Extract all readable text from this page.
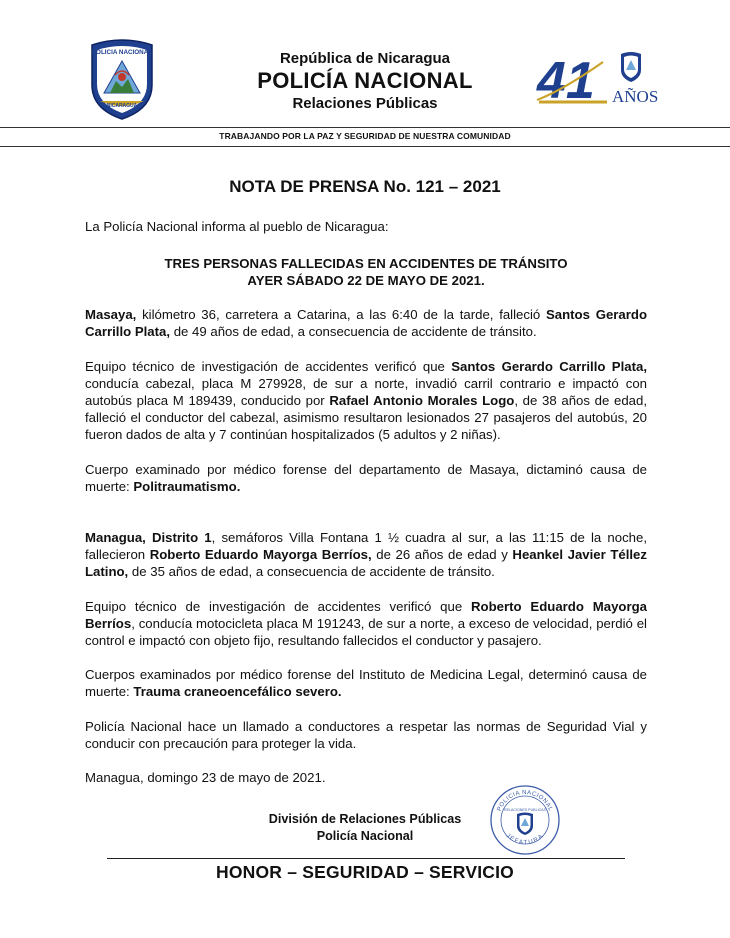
POLICIA NACIONAL
NICARAGUA
República de Nicaragua
POLICÍA NACIONAL
Relaciones Públicas	41 AÑOS
TRABAJANDO POR LA PAZ Y SEGURIDAD DE NUESTRA COMUNIDAD
NOTA DE PRENSA No. 121 – 2021

La Policía Nacional informa al pueblo de Nicaragua:

TRES PERSONAS FALLECIDAS EN ACCIDENTES DE TRÁNSITO
AYER SÁBADO 22 DE MAYO DE 2021.

Masaya, kilómetro 36, carretera a Catarina, a las 6:40 de la tarde, falleció Santos Gerardo Carrillo Plata, de 49 años de edad, a consecuencia de accidente de tránsito.

Equipo técnico de investigación de accidentes verificó que Santos Gerardo Carrillo Plata, conducía cabezal, placa M 279928, de sur a norte, invadió carril contrario e impactó con autobús placa M 189439, conducido por Rafael Antonio Morales Logo, de 38 años de edad, falleció el conductor del cabezal, asimismo resultaron lesionados 27 pasajeros del autobús, 20 fueron dados de alta y 7 continúan hospitalizados (5 adultos y 2 niñas).

Cuerpo examinado por médico forense del departamento de Masaya, dictaminó causa de muerte: Politraumatismo.

Managua, Distrito 1, semáforos Villa Fontana 1 ½ cuadra al sur, a las 11:15 de la noche, fallecieron Roberto Eduardo Mayorga Berríos, de 26 años de edad y Heankel Javier Téllez Latino, de 35 años de edad, a consecuencia de accidente de tránsito.

Equipo técnico de investigación de accidentes verificó que Roberto Eduardo Mayorga Berríos, conducía motocicleta placa M 191243, de sur a norte, a exceso de velocidad, perdió el control e impactó con objeto fijo, resultando fallecidos el conductor y pasajero.

Cuerpos examinados por médico forense del Instituto de Medicina Legal, determinó causa de muerte: Trauma craneoencefálico severo.

Policía Nacional hace un llamado a conductores a respetar las normas de Seguridad Vial y conducir con precaución para proteger la vida.

Managua, domingo 23 de mayo de 2021.

División de Relaciones Públicas
Policía Nacional
POLICIA NACIONAL
JEFATURA
RELACIONES PUBLICAS
HONOR – SEGURIDAD – SERVICIO
